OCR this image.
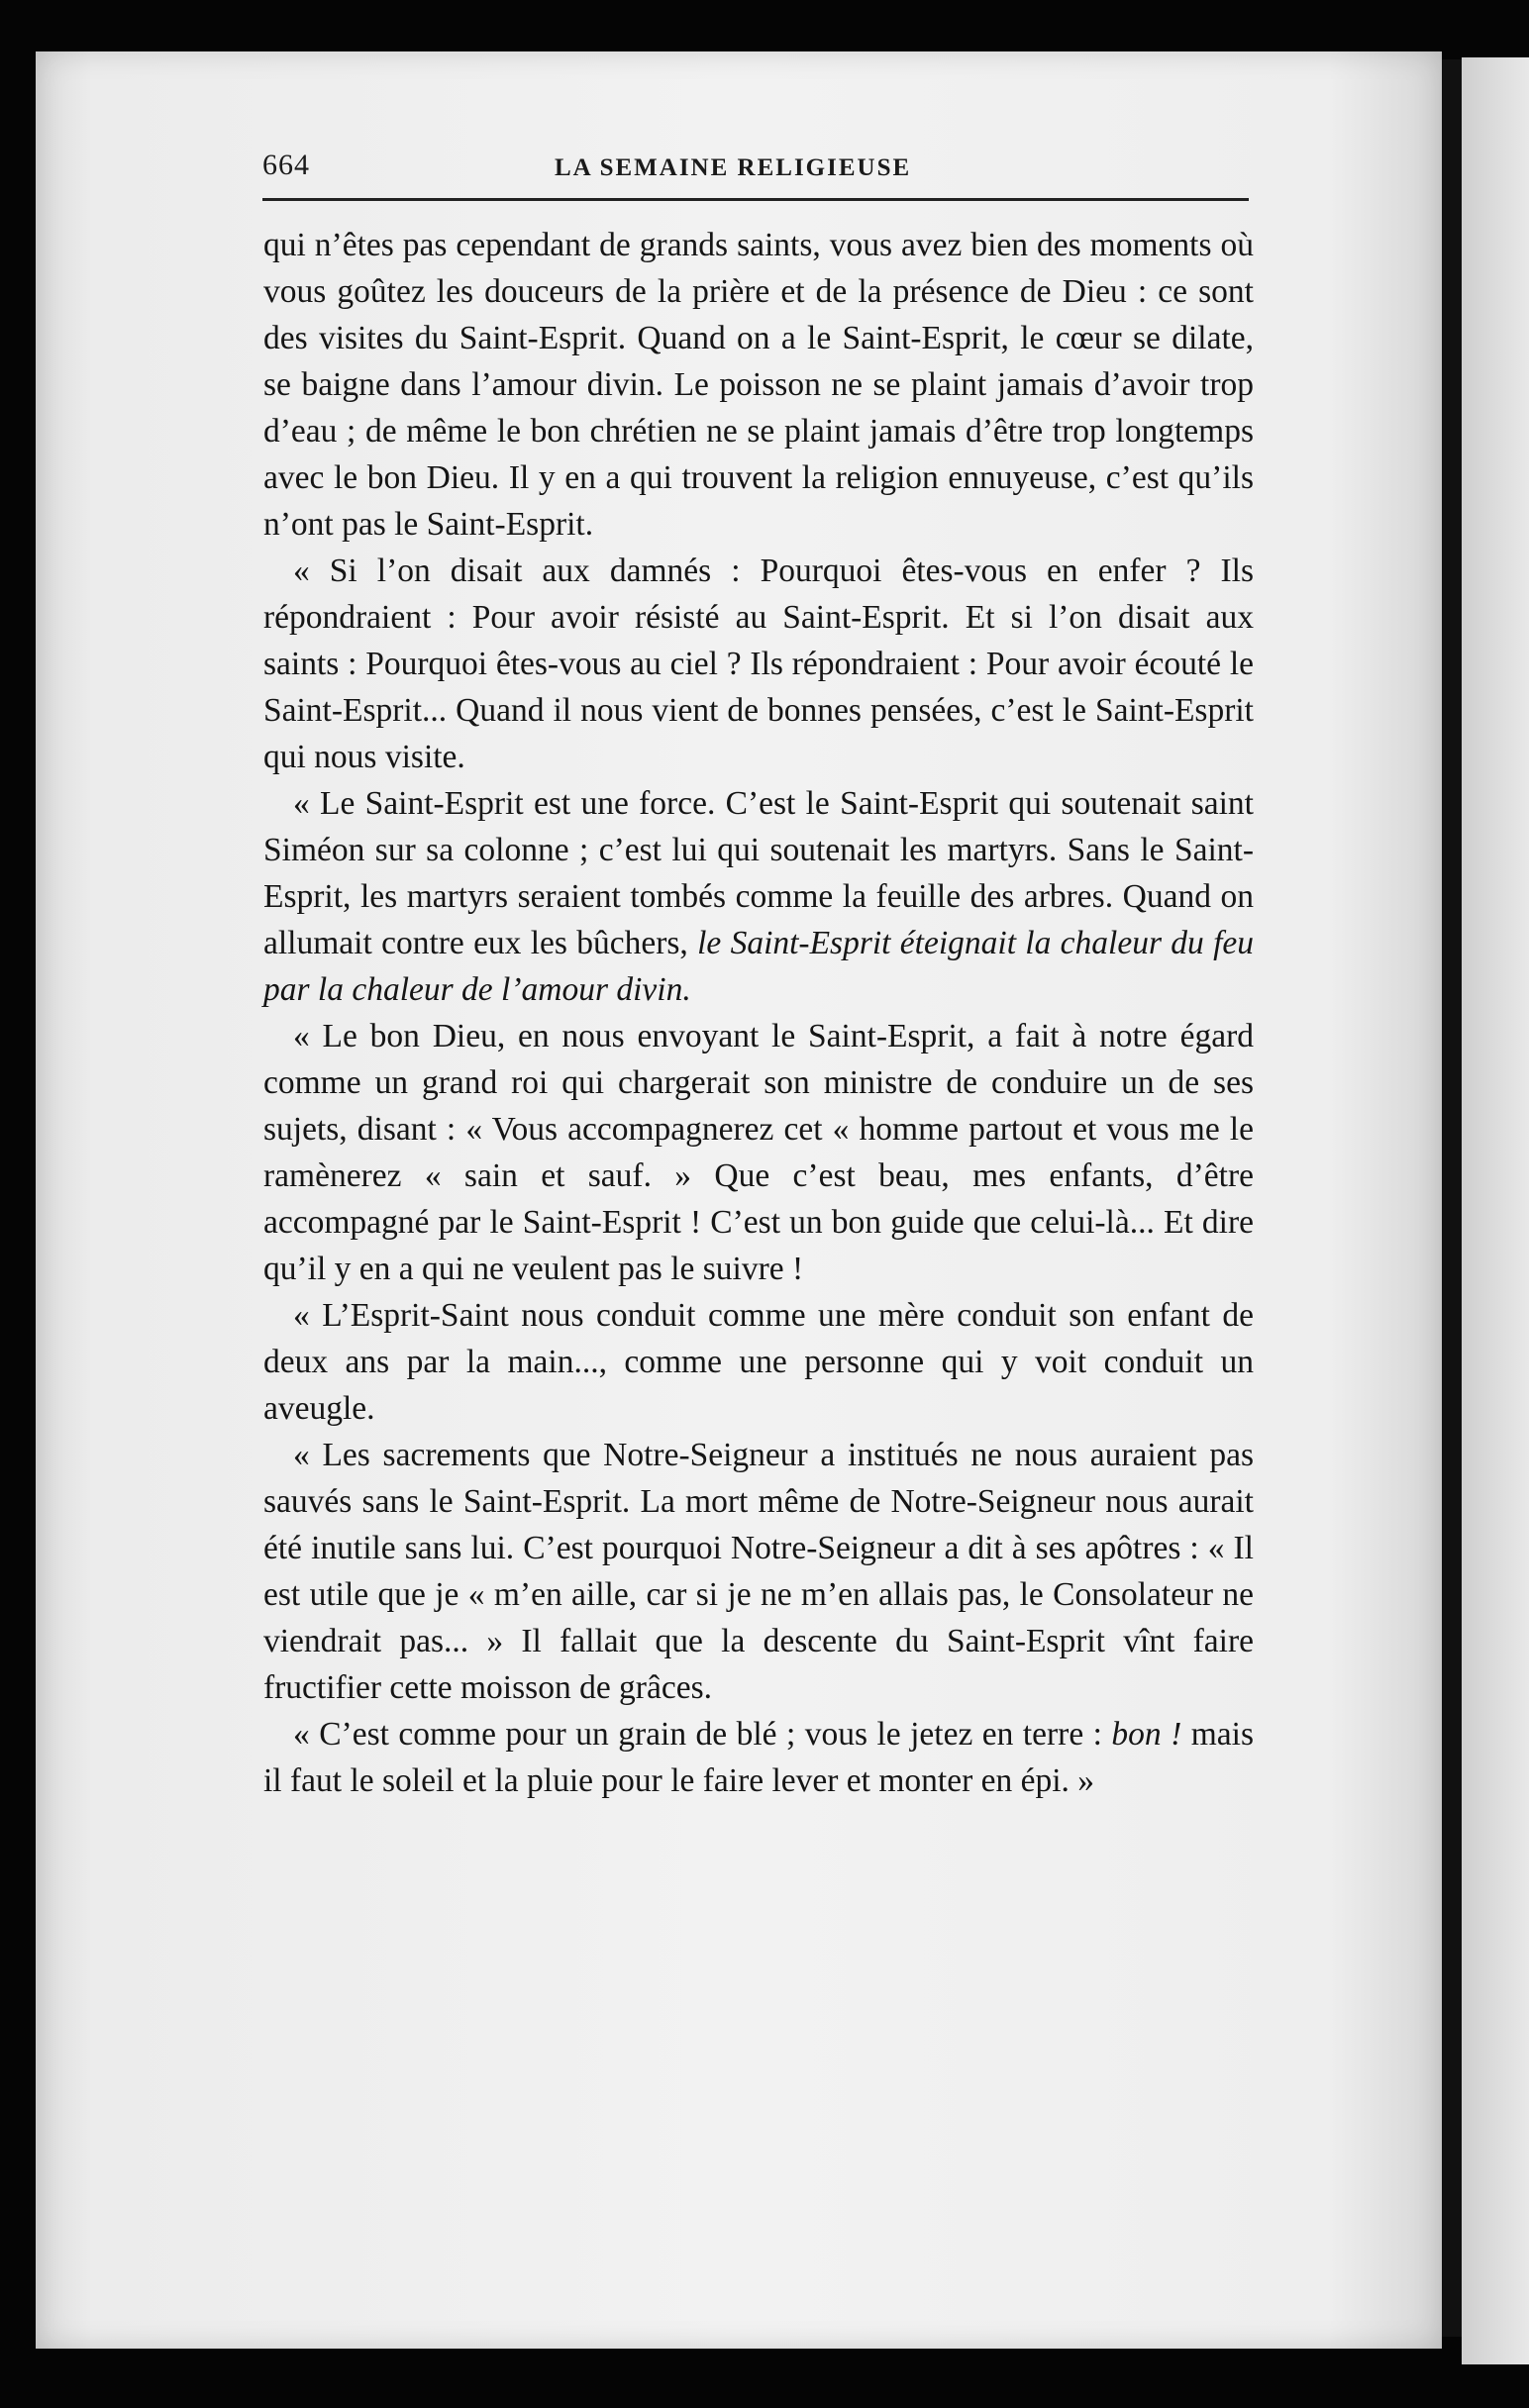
664	LA SEMAINE RELIGIEUSE

qui n’êtes pas cependant de grands saints, vous avez bien des moments où vous goûtez les douceurs de la prière et de la présence de Dieu : ce sont des visites du Saint-Esprit. Quand on a le Saint-Esprit, le cœur se dilate, se baigne dans l’amour divin. Le poisson ne se plaint jamais d’avoir trop d’eau ; de même le bon chrétien ne se plaint jamais d’être trop longtemps avec le bon Dieu. Il y en a qui trouvent la religion ennuyeuse, c’est qu’ils n’ont pas le Saint-Esprit.

« Si l’on disait aux damnés : Pourquoi êtes-vous en enfer ? Ils répondraient : Pour avoir résisté au Saint-Esprit. Et si l’on disait aux saints : Pourquoi êtes-vous au ciel ? Ils répondraient : Pour avoir écouté le Saint-Esprit... Quand il nous vient de bonnes pensées, c’est le Saint-Esprit qui nous visite.

« Le Saint-Esprit est une force. C’est le Saint-Esprit qui soutenait saint Siméon sur sa colonne ; c’est lui qui soutenait les martyrs. Sans le Saint-Esprit, les martyrs seraient tombés comme la feuille des arbres. Quand on allumait contre eux les bûchers, le Saint-Esprit éteignait la chaleur du feu par la chaleur de l’amour divin.

« Le bon Dieu, en nous envoyant le Saint-Esprit, a fait à notre égard comme un grand roi qui chargerait son ministre de conduire un de ses sujets, disant : « Vous accompagnerez cet « homme partout et vous me le ramènerez « sain et sauf. » Que c’est beau, mes enfants, d’être accompagné par le Saint-Esprit ! C’est un bon guide que celui-là... Et dire qu’il y en a qui ne veulent pas le suivre !

« L’Esprit-Saint nous conduit comme une mère conduit son enfant de deux ans par la main..., comme une personne qui y voit conduit un aveugle.

« Les sacrements que Notre-Seigneur a institués ne nous auraient pas sauvés sans le Saint-Esprit. La mort même de Notre-Seigneur nous aurait été inutile sans lui. C’est pourquoi Notre-Seigneur a dit à ses apôtres : « Il est utile que je « m’en aille, car si je ne m’en allais pas, le Consolateur ne viendrait pas... » Il fallait que la descente du Saint-Esprit vînt faire fructifier cette moisson de grâces.

« C’est comme pour un grain de blé ; vous le jetez en terre : bon ! mais il faut le soleil et la pluie pour le faire lever et monter en épi. »
